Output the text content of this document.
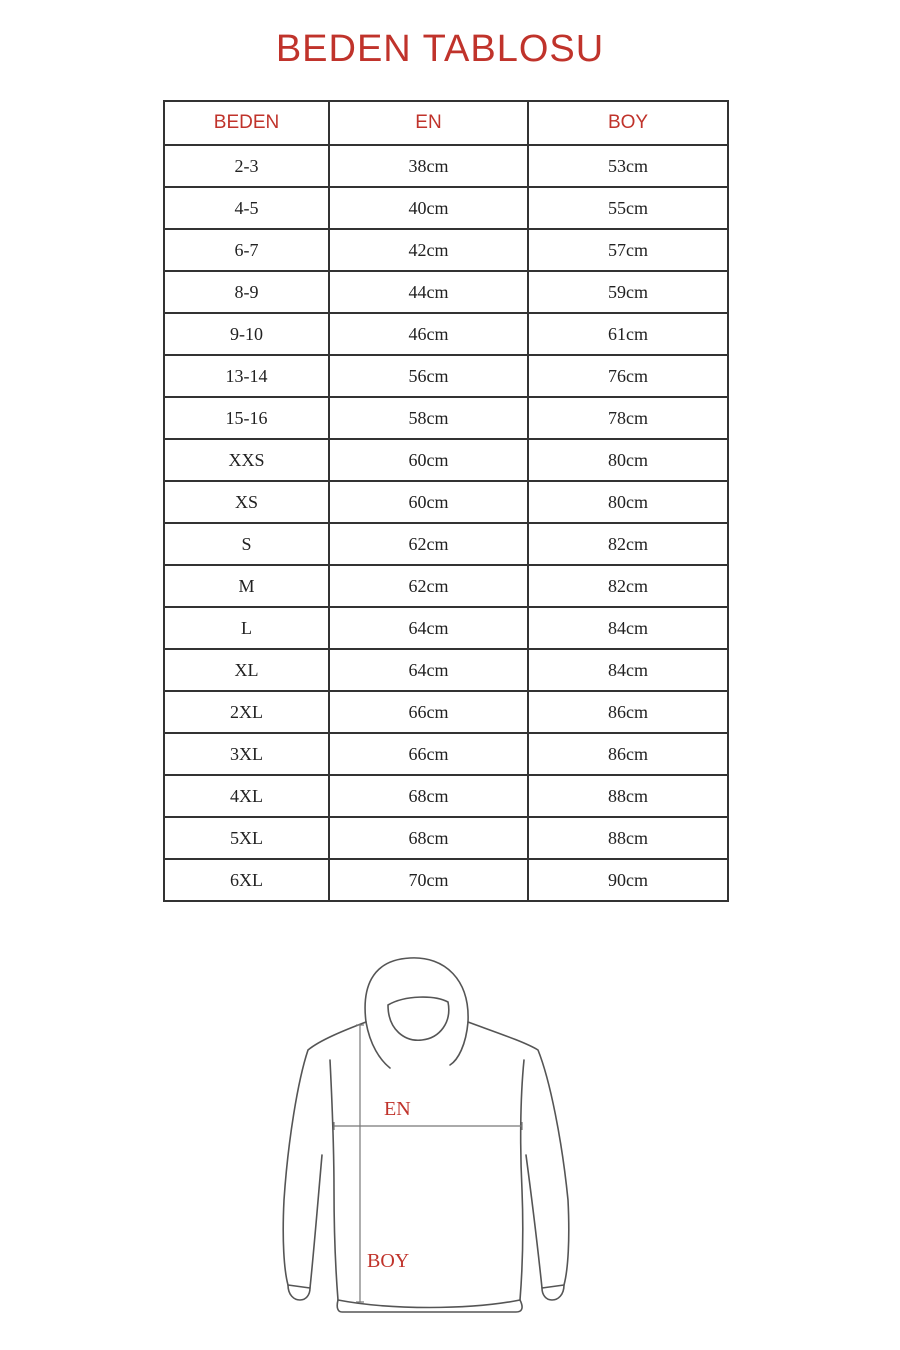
BEDEN TABLOSU
BEDEN	EN	BOY
2-3	38cm	53cm
4-5	40cm	55cm
6-7	42cm	57cm
8-9	44cm	59cm
9-10	46cm	61cm
13-14	56cm	76cm
15-16	58cm	78cm
XXS	60cm	80cm
XS	60cm	80cm
S	62cm	82cm
M	62cm	82cm
L	64cm	84cm
XL	64cm	84cm
2XL	66cm	86cm
3XL	66cm	86cm
4XL	68cm	88cm
5XL	68cm	88cm
6XL	70cm	90cm
EN
BOY
